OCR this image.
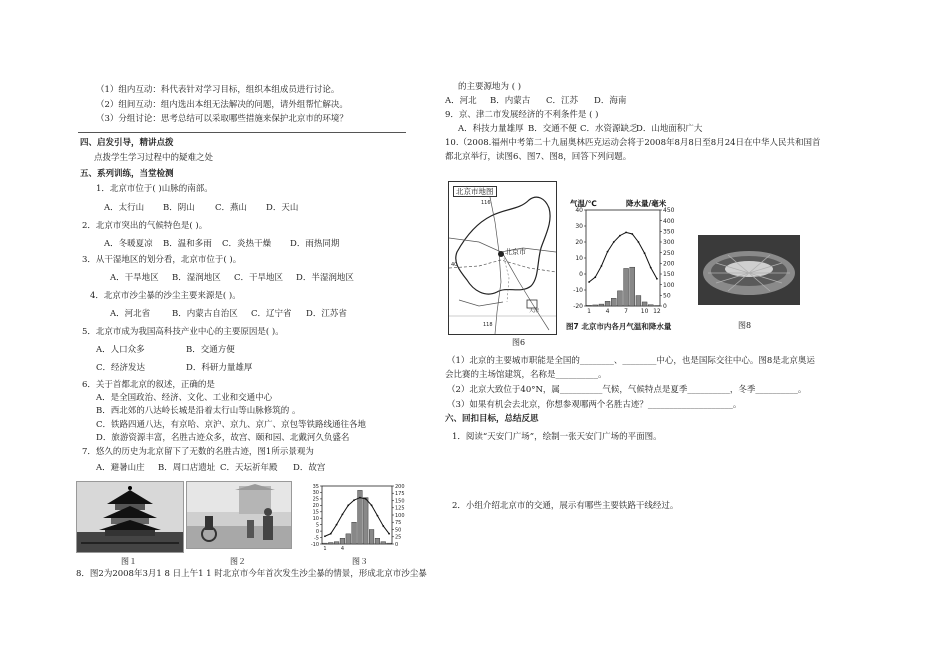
（1）组内互动：科代表针对学习目标，组织本组成员进行讨论。
（2）组间互动：组内选出本组无法解决的问题，请外组帮忙解决。
（3）分组讨论：思考总结可以采取哪些措施来保护北京市的环境？
四、启发引导，精讲点拨
点拨学生学习过程中的疑难之处
五、系列训练，当堂检测
1．北京市位于( )山脉的南部。
A．太行山 B．阴山 C．燕山 D．天山
2．北京市突出的气候特色是( )。
A．冬暖夏凉 B．温和多雨 C．炎热干燥 D．雨热同期
3．从干湿地区的划分看，北京市位于( )。
A．干旱地区 B．湿润地区 C．干旱地区 D．半湿润地区
4．北京市沙尘暴的沙尘主要来源是( )。
A．河北省	B．内蒙古自治区 C．辽宁省 D．江苏省
5．北京市成为我国高科技产业中心的主要原因是( )。
A．人口众多	B．交通方便
C．经济发达	D．科研力量雄厚
6．关于首都北京的叙述，正确的是
A．是全国政治、经济、文化、工业和交通中心
B．西北郊的八达岭长城是沿着太行山等山脉修筑的 。
C．铁路四通八达，有京哈、京沪、京九、京广、京包等铁路线通往各地
D．旅游资源丰富，名胜古迹众多，故宫、颐和园、北戴河久负盛名
7．悠久的历史为北京留下了无数的名胜古迹，图1所示景观为
A．避暑山庄 B．周口店遗址 C．天坛祈年殿 D．故宫
图１	图２
-10
-5
0
5
10
15
20
25
30
35
0
25
50
75
100
125
150
175
200
1	4
图３
8．图2为2008年3月1 8 日上午1 1 时北京市今年首次发生沙尘暴的情景，形成北京市沙尘暴
的主要源地为 ( )
A．河北 B．内蒙古 C．江苏 D．海南
9．京、津二市发展经济的不利条件是 ( )
A．科技力量雄厚 B．交通不便 C．水资源缺乏
D．山地面积广大
10.（2008.福州中考第二十九届奥林匹克运动会将于2008年8月8日至8月24日在中华人民共和国首
都北京举行，读图6、图7、图8，回答下列问题。
北京市地图
北京市
116
118
40
天津
图6
-20
-10
0
10
20
30
40
0
50
100
150
200
250
300
350
400
450
1 4 7 10 12
气温/℃	降水量/毫米
图7 北京市内各月气温和降水量	图8
（1）北京的主要城市职能是全国的________、________中心，也是国际交往中心。图8是北京奥运
会比赛的主场馆建筑，名称是__________。
（2）北京大致位于40°N，属__________气候，气候特点是夏季__________，冬季__________。
（3）如果有机会去北京，你想参观哪两个名胜古迹？____________________。
六、回扣目标，总结反思
1．阅读“天安门广场”，绘制一张天安门广场的平面图。
2．小组介绍北京市的交通，展示有哪些主要铁路干线经过。
